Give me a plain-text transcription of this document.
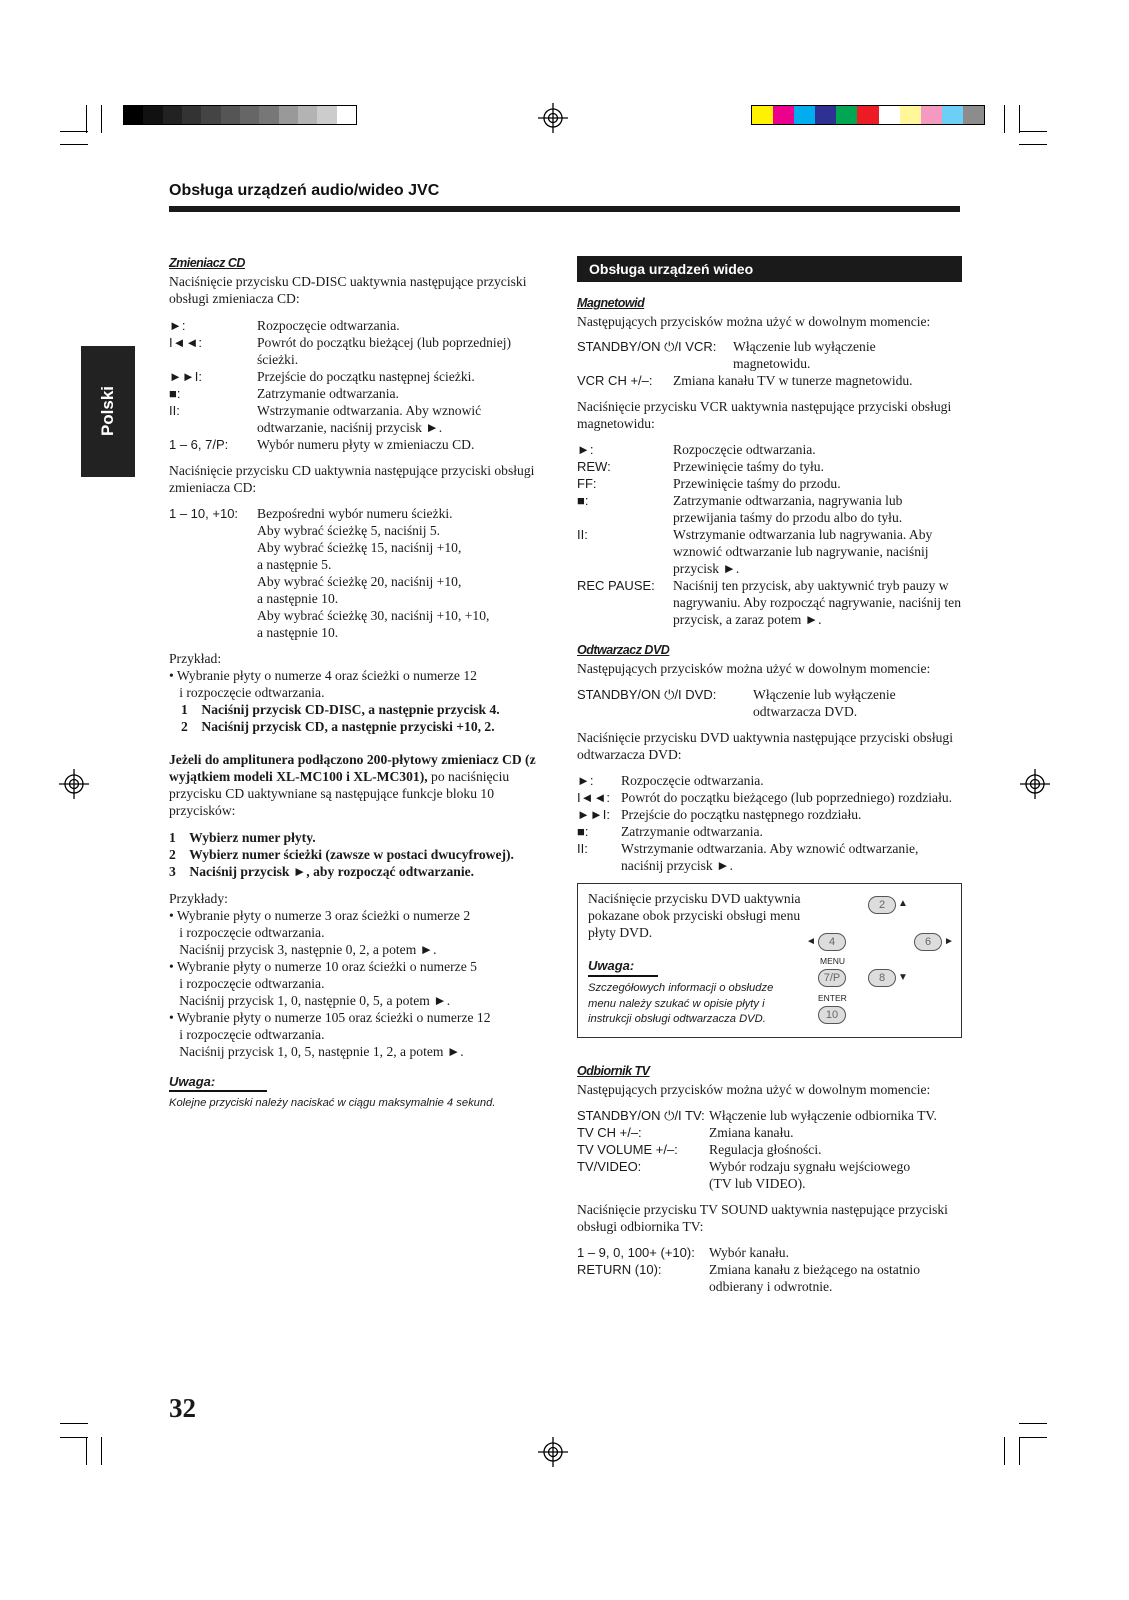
Obsługa urządzeń audio/wideo JVC
Polski
Zmieniacz CD

Naciśnięcie przycisku CD-DISC uaktywnia następujące przyciski obsługi zmieniacza CD:

►:	Rozpoczęcie odtwarzania.
I◄◄:	Powrót do początku bieżącej (lub poprzedniej) ścieżki.
►►I:	Przejście do początku następnej ścieżki.
■:	Zatrzymanie odtwarzania.
II:	Wstrzymanie odtwarzania. Aby wznowić odtwarzanie, naciśnij przycisk ►.
1 – 6, 7/P: Wybór numeru płyty w zmieniaczu CD.

Naciśnięcie przycisku CD uaktywnia następujące przyciski obsługi zmieniacza CD:

1 – 10, +10: Bezpośredni wybór numeru ścieżki.
Aby wybrać ścieżkę 5, naciśnij 5.
Aby wybrać ścieżkę 15, naciśnij +10,
a następnie 5.
Aby wybrać ścieżkę 20, naciśnij +10,
a następnie 10.
Aby wybrać ścieżkę 30, naciśnij +10, +10,
a następnie 10.

Przykład:

• Wybranie płyty o numerze 4 oraz ścieżki o numerze 12
i rozpoczęcie odtwarzania.
1    Naciśnij przycisk CD-DISC, a następnie przycisk 4.
2    Naciśnij przycisk CD, a następnie przyciski +10, 2.

Jeżeli do amplitunera podłączono 200-płytowy zmieniacz CD (z wyjątkiem modeli XL-MC100 i XL-MC301), po naciśnięciu przycisku CD uaktywniane są następujące funkcje bloku 10 przycisków:

1    Wybierz numer płyty.
2    Wybierz numer ścieżki (zawsze w postaci dwucyfrowej).
3    Naciśnij przycisk ►, aby rozpocząć odtwarzanie.

Przykłady:

• Wybranie płyty o numerze 3 oraz ścieżki o numerze 2
i rozpoczęcie odtwarzania.
Naciśnij przycisk 3, następnie 0, 2, a potem ►.
• Wybranie płyty o numerze 10 oraz ścieżki o numerze 5
i rozpoczęcie odtwarzania.
Naciśnij przycisk 1, 0, następnie 0, 5, a potem ►.
• Wybranie płyty o numerze 105 oraz ścieżki o numerze 12
i rozpoczęcie odtwarzania.
Naciśnij przycisk 1, 0, 5, następnie 1, 2, a potem ►.
Uwaga:
Kolejne przyciski należy naciskać w ciągu maksymalnie 4 sekund.
Obsługa urządzeń wideo
Magnetowid

Następujących przycisków można użyć w dowolnym momencie:

STANDBY/ON ⏻/I VCR: Włączenie lub wyłączenie
magnetowidu.
VCR CH +/–: Zmiana kanału TV w tunerze magnetowidu.

Naciśnięcie przycisku VCR uaktywnia następujące przyciski obsługi magnetowidu:

►:	Rozpoczęcie odtwarzania.
REW:	Przewinięcie taśmy do tyłu.
FF:	Przewinięcie taśmy do przodu.
■:	Zatrzymanie odtwarzania, nagrywania lub przewijania taśmy do przodu albo do tyłu.
II:	Wstrzymanie odtwarzania lub nagrywania. Aby wznowić odtwarzanie lub nagrywanie, naciśnij przycisk ►.
REC PAUSE: Naciśnij ten przycisk, aby uaktywnić tryb pauzy w nagrywaniu. Aby rozpocząć nagrywanie, naciśnij ten przycisk, a zaraz potem ►.
Odtwarzacz DVD

Następujących przycisków można użyć w dowolnym momencie:

STANDBY/ON ⏻/I DVD:	Włączenie lub wyłączenie
odtwarzacza DVD.

Naciśnięcie przycisku DVD uaktywnia następujące przyciski obsługi odtwarzacza DVD:

►: Rozpoczęcie odtwarzania.
I◄◄: Powrót do początku bieżącego (lub poprzedniego) rozdziału.
►►I: Przejście do początku następnego rozdziału.
■: Zatrzymanie odtwarzania.
II: Wstrzymanie odtwarzania. Aby wznowić odtwarzanie, naciśnij przycisk ►.

Naciśnięcie przycisku DVD uaktywnia pokazane obok przyciski obsługi menu płyty DVD.

Uwaga:
Szczegółowych informacji o obsłudze menu należy szukać w opisie płyty i instrukcji obsługi odtwarzacza DVD.
2	▲
◄	4	6	►
MENU
7/P	8	▼
ENTER
10
Odbiornik TV

Następujących przycisków można użyć w dowolnym momencie:

STANDBY/ON ⏻/I TV: Włączenie lub wyłączenie odbiornika TV.
TV CH +/–:	Zmiana kanału.
TV VOLUME +/–: Regulacja głośności.
TV/VIDEO:	Wybór rodzaju sygnału wejściowego
(TV lub VIDEO).

Naciśnięcie przycisku TV SOUND uaktywnia następujące przyciski obsługi odbiornika TV:

1 – 9, 0, 100+ (+10): Wybór kanału.
RETURN (10):	Zmiana kanału z bieżącego na ostatnio
odbierany i odwrotnie.
32
